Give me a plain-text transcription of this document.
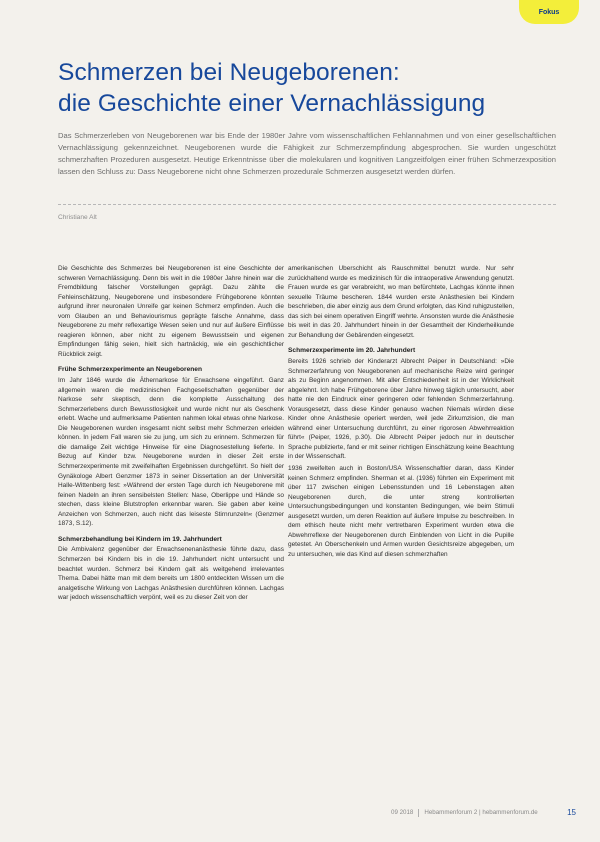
Fokus
Schmerzen bei Neugeborenen:
die Geschichte einer Vernachlässigung

Das Schmerzerleben von Neugeborenen war bis Ende der 1980er Jahre vom wissenschaftlichen Fehlannahmen und von einer gesellschaftlichen Vernachlässigung gekennzeichnet. Neugeborenen wurde die Fähigkeit zur Schmerzempfindung abgesprochen. Sie wurden ungeschützt schmerzhaften Prozeduren ausgesetzt. Heutige Erkenntnisse über die molekularen und kognitiven Langzeitfolgen einer frühen Schmerzexposition lassen den Schluss zu: Dass Neugeborene nicht ohne Schmerzen prozedurale Schmerzen ausgesetzt werden dürfen.

Christiane Alt

Die Geschichte des Schmerzes bei Neugeborenen ist eine Geschichte der schweren Vernachlässigung. Denn bis weit in die 1980er Jahre hinein war die Fremdbildung falscher Vorstellungen geprägt. Dazu zählte die Fehleinschätzung, Neugeborene und insbesondere Frühgeborene könnten aufgrund ihrer neuronalen Unreife gar keinen Schmerz empfinden. Auch die vom Glauben an und Behaviourismus geprägte falsche Annahme, dass Neugeborene zu mehr reflexartige Wesen seien und nur auf äußere Einflüsse reagieren können, aber nicht zu eigenem Bewusstsein und eigenen Empfindungen fähig seien, hielt sich hartnäckig, wie ein geschichtlicher Rückblick zeigt.

Frühe Schmerzexperimente an Neugeborenen

Im Jahr 1846 wurde die Äthernarkose für Erwachsene eingeführt. Ganz allgemein waren die medizinischen Fachgesellschaften gegenüber der Narkose sehr skeptisch, denn die komplette Ausschaltung des Schmerzerlebens durch Bewusstlosigkeit und wurde nicht nur als Geschenk erlebt. Wache und aufmerksame Patienten nahmen lokal etwas ohne Narkose. Die Neugeborenen wurden insgesamt nicht selbst mehr Schmerzen erleiden können. In jedem Fall waren sie zu jung, um sich zu erinnern. Schmerzen für die damalige Zeit wichtige Hinweise für eine Diagnosestellung lieferte. In Bezug auf Kinder bzw. Neugeborene wurden in dieser Zeit erste Schmerzexperimente mit zweifelhaften Ergebnissen durchgeführt. So hielt der Gynäkologe Albert Genzmer 1873 in seiner Dissertation an der Universität Halle-Wittenberg fest: »Während der ersten Tage durch ich Neugeborene mit feinen Nadeln an ihren sensibelsten Stellen: Nase, Oberlippe und Hände so stechen, dass kleine Blutstropfen erkennbar waren. Sie gaben aber keine Anzeichen von Schmerzen, auch nicht das leiseste Stirnrunzeln« (Genzmer 1873, S.12).

Schmerzbehandlung bei Kindern im 19. Jahrhundert

Die Ambivalenz gegenüber der Erwachsenenanästhesie führte dazu, dass Schmerzen bei Kindern bis in die 19. Jahrhundert nicht untersucht und beachtet wurden. Schmerz bei Kindern galt als weitgehend irrelevantes Thema. Dabei hätte man mit dem bereits um 1800 entdeckten Wissen um die analgetische Wirkung von Lachgas Anästhesien durchführen können. Lachgas war jedoch wissenschaftlich verpönt, weil es zu dieser Zeit von der

amerikanischen Uberschicht als Rauschmittel benutzt wurde. Nur sehr zurückhaltend wurde es medizinisch für die intraoperative Anwendung genutzt. Frauen wurde es gar verabreicht, wo man befürchtete, Lachgas könnte ihnen sexuelle Träume bescheren. 1844 wurden erste Anästhesien bei Kindern beschrieben, die aber einzig aus dem Grund erfolgten, das Kind ruhigzustellen, das sich bei einem operativen Eingriff wehrte. Ansonsten wurde die Anästhesie bis weit in das 20. Jahrhundert hinein in der Gesamtheit der Kinderheilkunde zur Behandlung der Gebärenden eingesetzt.

Schmerzexperimente im 20. Jahrhundert

Bereits 1926 schrieb der Kinderarzt Albrecht Peiper in Deutschland: »Die Schmerzerfahrung von Neugeborenen auf mechanische Reize wird geringer als zu Beginn angenommen. Mit aller Entschiedenheit ist in der Wirklichkeit abgelehnt. Ich habe Frühgeborene über Jahre hinweg täglich untersucht, aber hatte nie den Eindruck einer geringeren oder fehlenden Schmerzerfahrung. Vorausgesetzt, dass diese Kinder genauso wachen Niemals würden diese Kinder ohne Anästhesie operiert werden, weil jede Zirkumzision, die man während einer Untersuchung durchführt, zu einer rigorosen Abwehrreaktion führt« (Peiper, 1926, p.30). Die Albrecht Peiper jedoch nur in deutscher Sprache publizierte, fand er mit seiner richtigen Einschätzung keine Beachtung in der Wissenschaft.

1936 zweifelten auch in Boston/USA Wissenschaftler daran, dass Kinder keinen Schmerz empfinden. Sherman et al. (1936) führten ein Experiment mit über 117 zwischen einigen Lebensstunden und 16 Lebenstagen alten Neugeborenen durch, die unter streng kontrollierten Untersuchungsbedingungen und konstanten Bedingungen, wie beim Stimuli ausgesetzt wurden, um deren Reaktion auf äußere Impulse zu beschreiben. In dem ethisch heute nicht mehr vertretbaren Experiment wurden etwa die Abwehrreflexe der Neugeborenen durch Einblenden von Licht in die Pupille getestet. An Oberschenkeln und Armen wurden Gesichtsreize abgegeben, um zu untersuchen, wie das Kind auf diesen schmerzhaften

09 2018 Hebammenforum 2 | hebammenforum.de	15
